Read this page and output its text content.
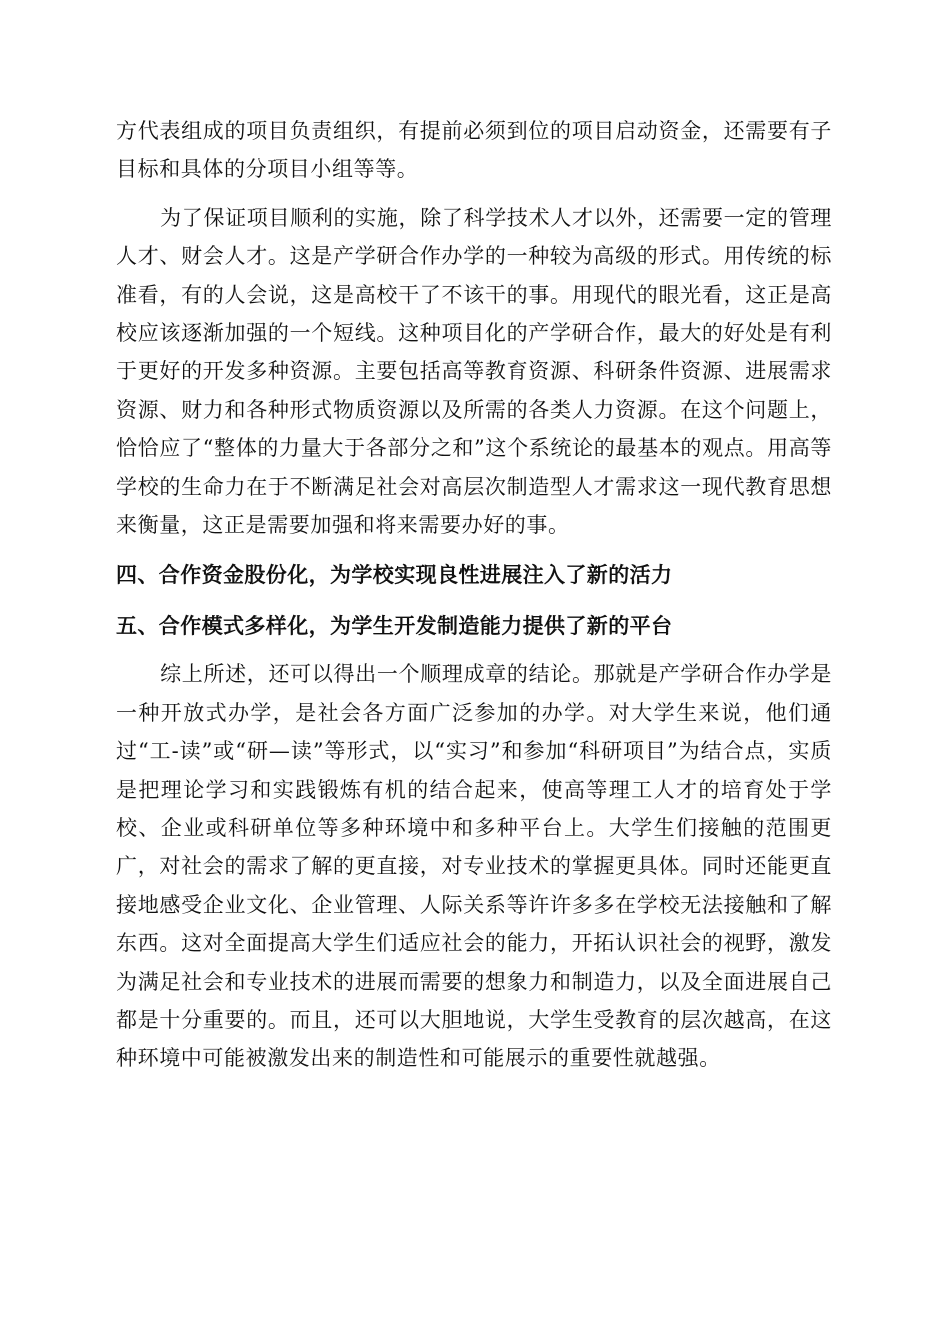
方代表组成的项目负责组织，有提前必须到位的项目启动资金，还需要有子目标和具体的分项目小组等等。

为了保证项目顺利的实施，除了科学技术人才以外，还需要一定的管理人才、财会人才。这是产学研合作办学的一种较为高级的形式。用传统的标准看，有的人会说，这是高校干了不该干的事。用现代的眼光看，这正是高校应该逐渐加强的一个短线。这种项目化的产学研合作，最大的好处是有利于更好的开发多种资源。主要包括高等教育资源、科研条件资源、进展需求资源、财力和各种形式物质资源以及所需的各类人力资源。在这个问题上，恰恰应了“整体的力量大于各部分之和”这个系统论的最基本的观点。用高等学校的生命力在于不断满足社会对高层次制造型人才需求这一现代教育思想来衡量，这正是需要加强和将来需要办好的事。

四、合作资金股份化，为学校实现良性进展注入了新的活力

五、合作模式多样化，为学生开发制造能力提供了新的平台

综上所述，还可以得出一个顺理成章的结论。那就是产学研合作办学是一种开放式办学，是社会各方面广泛参加的办学。对大学生来说，他们通过“工-读”或“研—读”等形式，以“实习”和参加“科研项目”为结合点，实质是把理论学习和实践锻炼有机的结合起来，使高等理工人才的培育处于学校、企业或科研单位等多种环境中和多种平台上。大学生们接触的范围更广，对社会的需求了解的更直接，对专业技术的掌握更具体。同时还能更直接地感受企业文化、企业管理、人际关系等许许多多在学校无法接触和了解东西。这对全面提高大学生们适应社会的能力，开拓认识社会的视野，激发为满足社会和专业技术的进展而需要的想象力和制造力，以及全面进展自己都是十分重要的。而且，还可以大胆地说，大学生受教育的层次越高，在这种环境中可能被激发出来的制造性和可能展示的重要性就越强。
